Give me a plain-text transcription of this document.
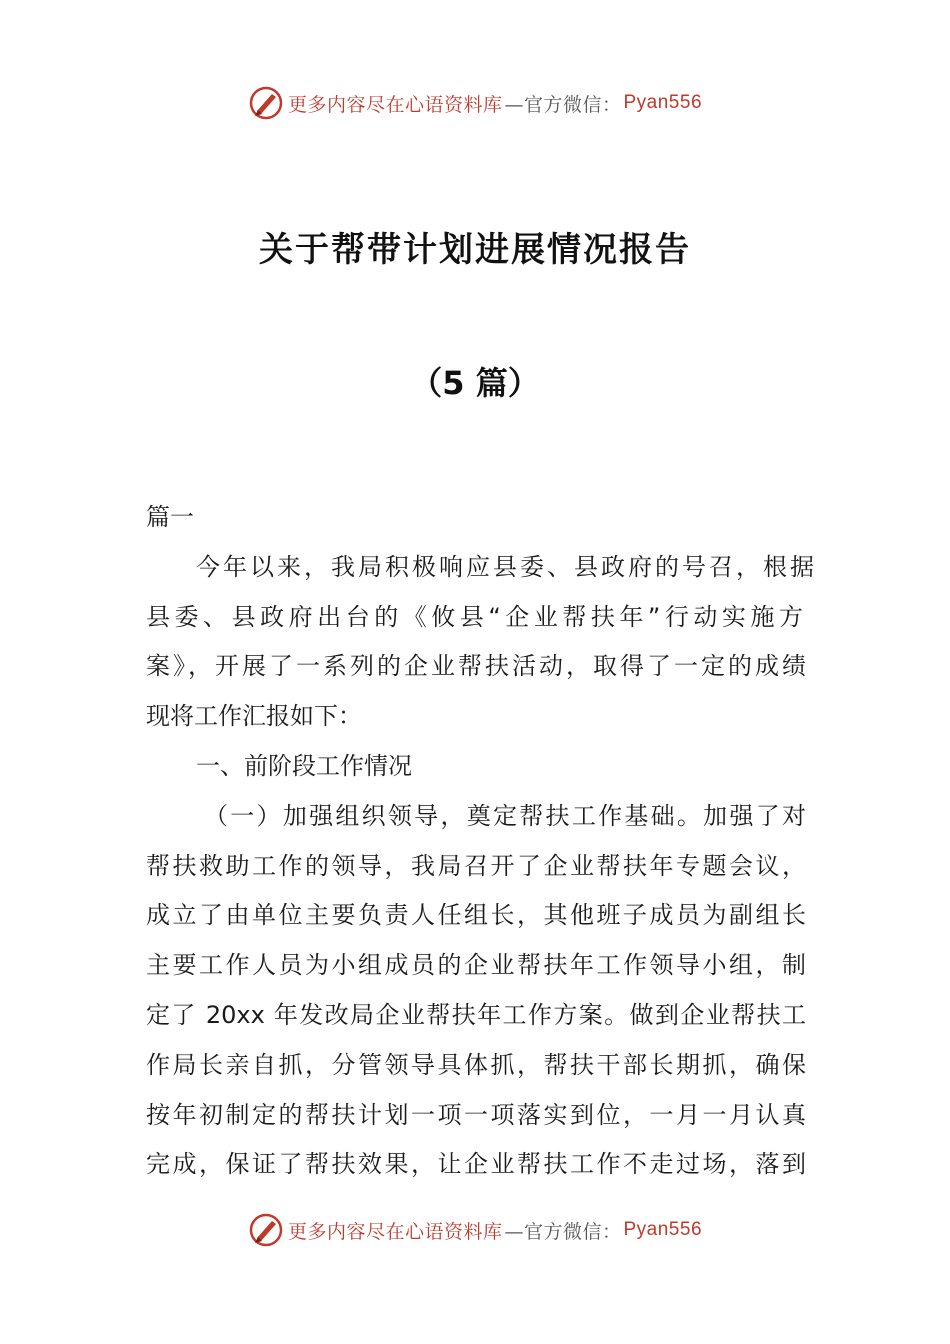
更多内容尽在心语资料库 —官方微信： Pyan556
关于帮带计划进展情况报告
（5 篇）
篇一
今年以来，我局积极响应县委、县政府的号召，根据
县委、县政府出台的《攸县“企业帮扶年”行动实施方
案》，开展了一系列的企业帮扶活动，取得了一定的成绩
现将工作汇报如下：
一、前阶段工作情况
（一）加强组织领导，奠定帮扶工作基础。加强了对
帮扶救助工作的领导，我局召开了企业帮扶年专题会议，
成立了由单位主要负责人任组长，其他班子成员为副组长
主要工作人员为小组成员的企业帮扶年工作领导小组，制
定了 20xx 年发改局企业帮扶年工作方案。做到企业帮扶工
作局长亲自抓，分管领导具体抓，帮扶干部长期抓，确保
按年初制定的帮扶计划一项一项落实到位，一月一月认真
完成，保证了帮扶效果，让企业帮扶工作不走过场，落到
更多内容尽在心语资料库 —官方微信： Pyan556
